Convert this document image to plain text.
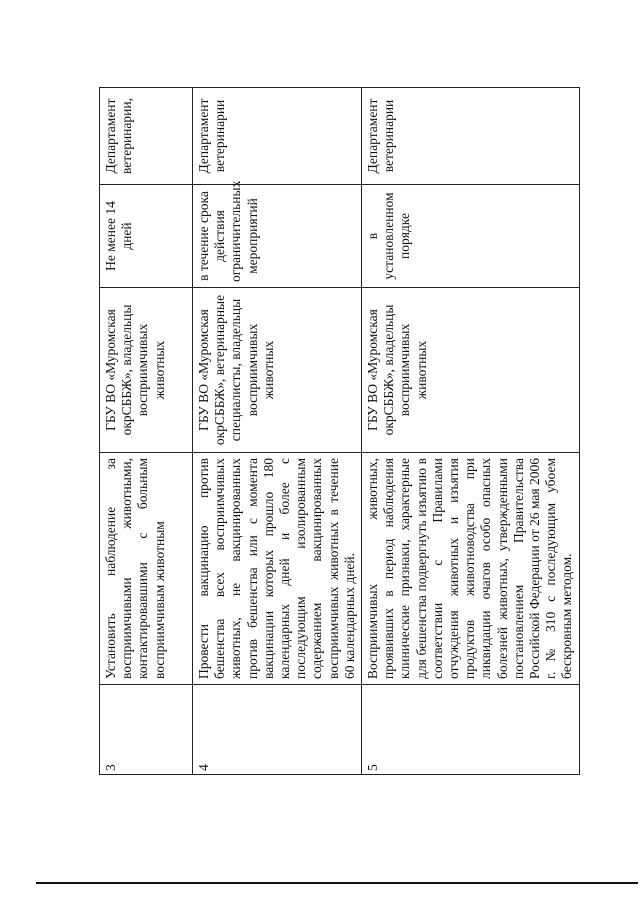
3	Установить наблюдение за восприимчивыми животными, контактировавшими с больным восприимчивым животным	ГБУ ВО «Муромская окрСББЖ», владельцы восприимчивых животных	Не менее 14 дней	Департамент ветеринарии,
4	Провести вакцинацию против бешенства всех восприимчивых животных, не вакцинированных против бешенства или с момента вакцинации которых прошло 180 календарных дней и более с последующим изолированным содержанием вакцинированных восприимчивых животных в течение 60 календарных дней.	ГБУ ВО «Муромская окрСББЖ», ветеринарные специалисты, владельцы восприимчивых животных	в течение срока действия ограничительных мероприятий	Департамент ветеринарии
5	Восприимчивых животных, проявивших в период наблюдения клинические признаки, характерные для бешенства подвергнуть изъятию в соответствии с Правилами отчуждения животных и изъятия продуктов животноводства при ликвидации очагов особо опасных болезней животных, утвержденными постановлением Правительства Российской Федерации от 26 мая 2006 г. № 310 с последующим убоем бескровным методом.	ГБУ ВО «Муромская окрСББЖ», владельцы восприимчивых животных	в установленном порядке	Департамент ветеринарии
